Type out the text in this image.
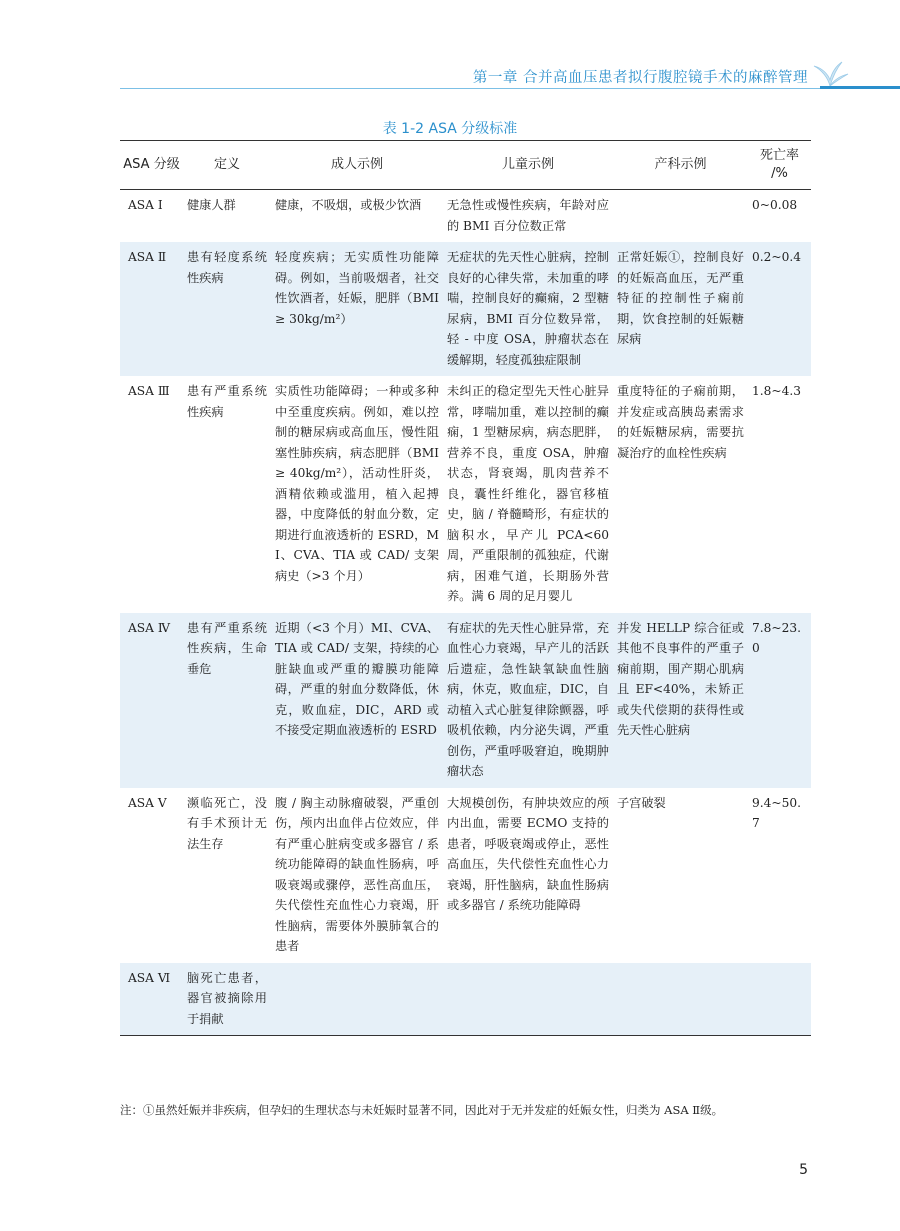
第一章 合并高血压患者拟行腹腔镜手术的麻醉管理
表 1-2 ASA 分级标准
ASA 分级	定义	成人示例	儿童示例	产科示例	死亡率 /%
ASA Ⅰ	健康人群	健康，不吸烟，或极少饮酒	无急性或慢性疾病，年龄对应的 BMI 百分位数正常		0~0.08
ASA Ⅱ	患有轻度系统性疾病	轻度疾病；无实质性功能障碍。例如，当前吸烟者，社交性饮酒者，妊娠，肥胖（BMI ≥ 30kg/m²）	无症状的先天性心脏病，控制良好的心律失常，未加重的哮喘，控制良好的癫痫，2 型糖尿病，BMI 百分位数异常，轻 - 中度 OSA，肿瘤状态在缓解期，轻度孤独症限制	正常妊娠①，控制良好的妊娠高血压，无严重特征的控制性子痫前期，饮食控制的妊娠糖尿病	0.2~0.4
ASA Ⅲ	患有严重系统性疾病	实质性功能障碍；一种或多种中至重度疾病。例如，难以控制的糖尿病或高血压，慢性阻塞性肺疾病，病态肥胖（BMI ≥ 40kg/m²），活动性肝炎，酒精依赖或滥用，植入起搏器，中度降低的射血分数，定期进行血液透析的 ESRD，MI、CVA、TIA 或 CAD/ 支架病史（>3 个月）	未纠正的稳定型先天性心脏异常，哮喘加重，难以控制的癫痫，1 型糖尿病，病态肥胖，营养不良，重度 OSA，肿瘤状态，肾衰竭，肌肉营养不良，囊性纤维化，器官移植史，脑 / 脊髓畸形，有症状的脑积水，早产儿 PCA<60 周，严重限制的孤独症，代谢病，困难气道，长期肠外营养。满 6 周的足月婴儿	重度特征的子痫前期，并发症或高胰岛素需求的妊娠糖尿病，需要抗凝治疗的血栓性疾病	1.8~4.3
ASA Ⅳ	患有严重系统性疾病，生命垂危	近期（<3 个月）MI、CVA、TIA 或 CAD/ 支架，持续的心脏缺血或严重的瓣膜功能障碍，严重的射血分数降低，休克，败血症，DIC，ARD 或不接受定期血液透析的 ESRD	有症状的先天性心脏异常，充血性心力衰竭，早产儿的活跃后遗症，急性缺氧缺血性脑病，休克，败血症，DIC，自动植入式心脏复律除颤器，呼吸机依赖，内分泌失调，严重创伤，严重呼吸窘迫，晚期肿瘤状态	并发 HELLP 综合征或其他不良事件的严重子痫前期，围产期心肌病且 EF<40%，未矫正或失代偿期的获得性或先天性心脏病	7.8~23.0
ASA Ⅴ	濒临死亡，没有手术预计无法生存	腹 / 胸主动脉瘤破裂，严重创伤，颅内出血伴占位效应，伴有严重心脏病变或多器官 / 系统功能障碍的缺血性肠病，呼吸衰竭或骤停，恶性高血压，失代偿性充血性心力衰竭，肝性脑病，需要体外膜肺氧合的患者	大规模创伤，有肿块效应的颅内出血，需要 ECMO 支持的患者，呼吸衰竭或停止，恶性高血压，失代偿性充血性心力衰竭，肝性脑病，缺血性肠病或多器官 / 系统功能障碍	子宫破裂	9.4~50.7
ASA Ⅵ	脑死亡患者，器官被摘除用于捐献				
注：①虽然妊娠并非疾病，但孕妇的生理状态与未妊娠时显著不同，因此对于无并发症的妊娠女性，归类为 ASA Ⅱ级。
5
